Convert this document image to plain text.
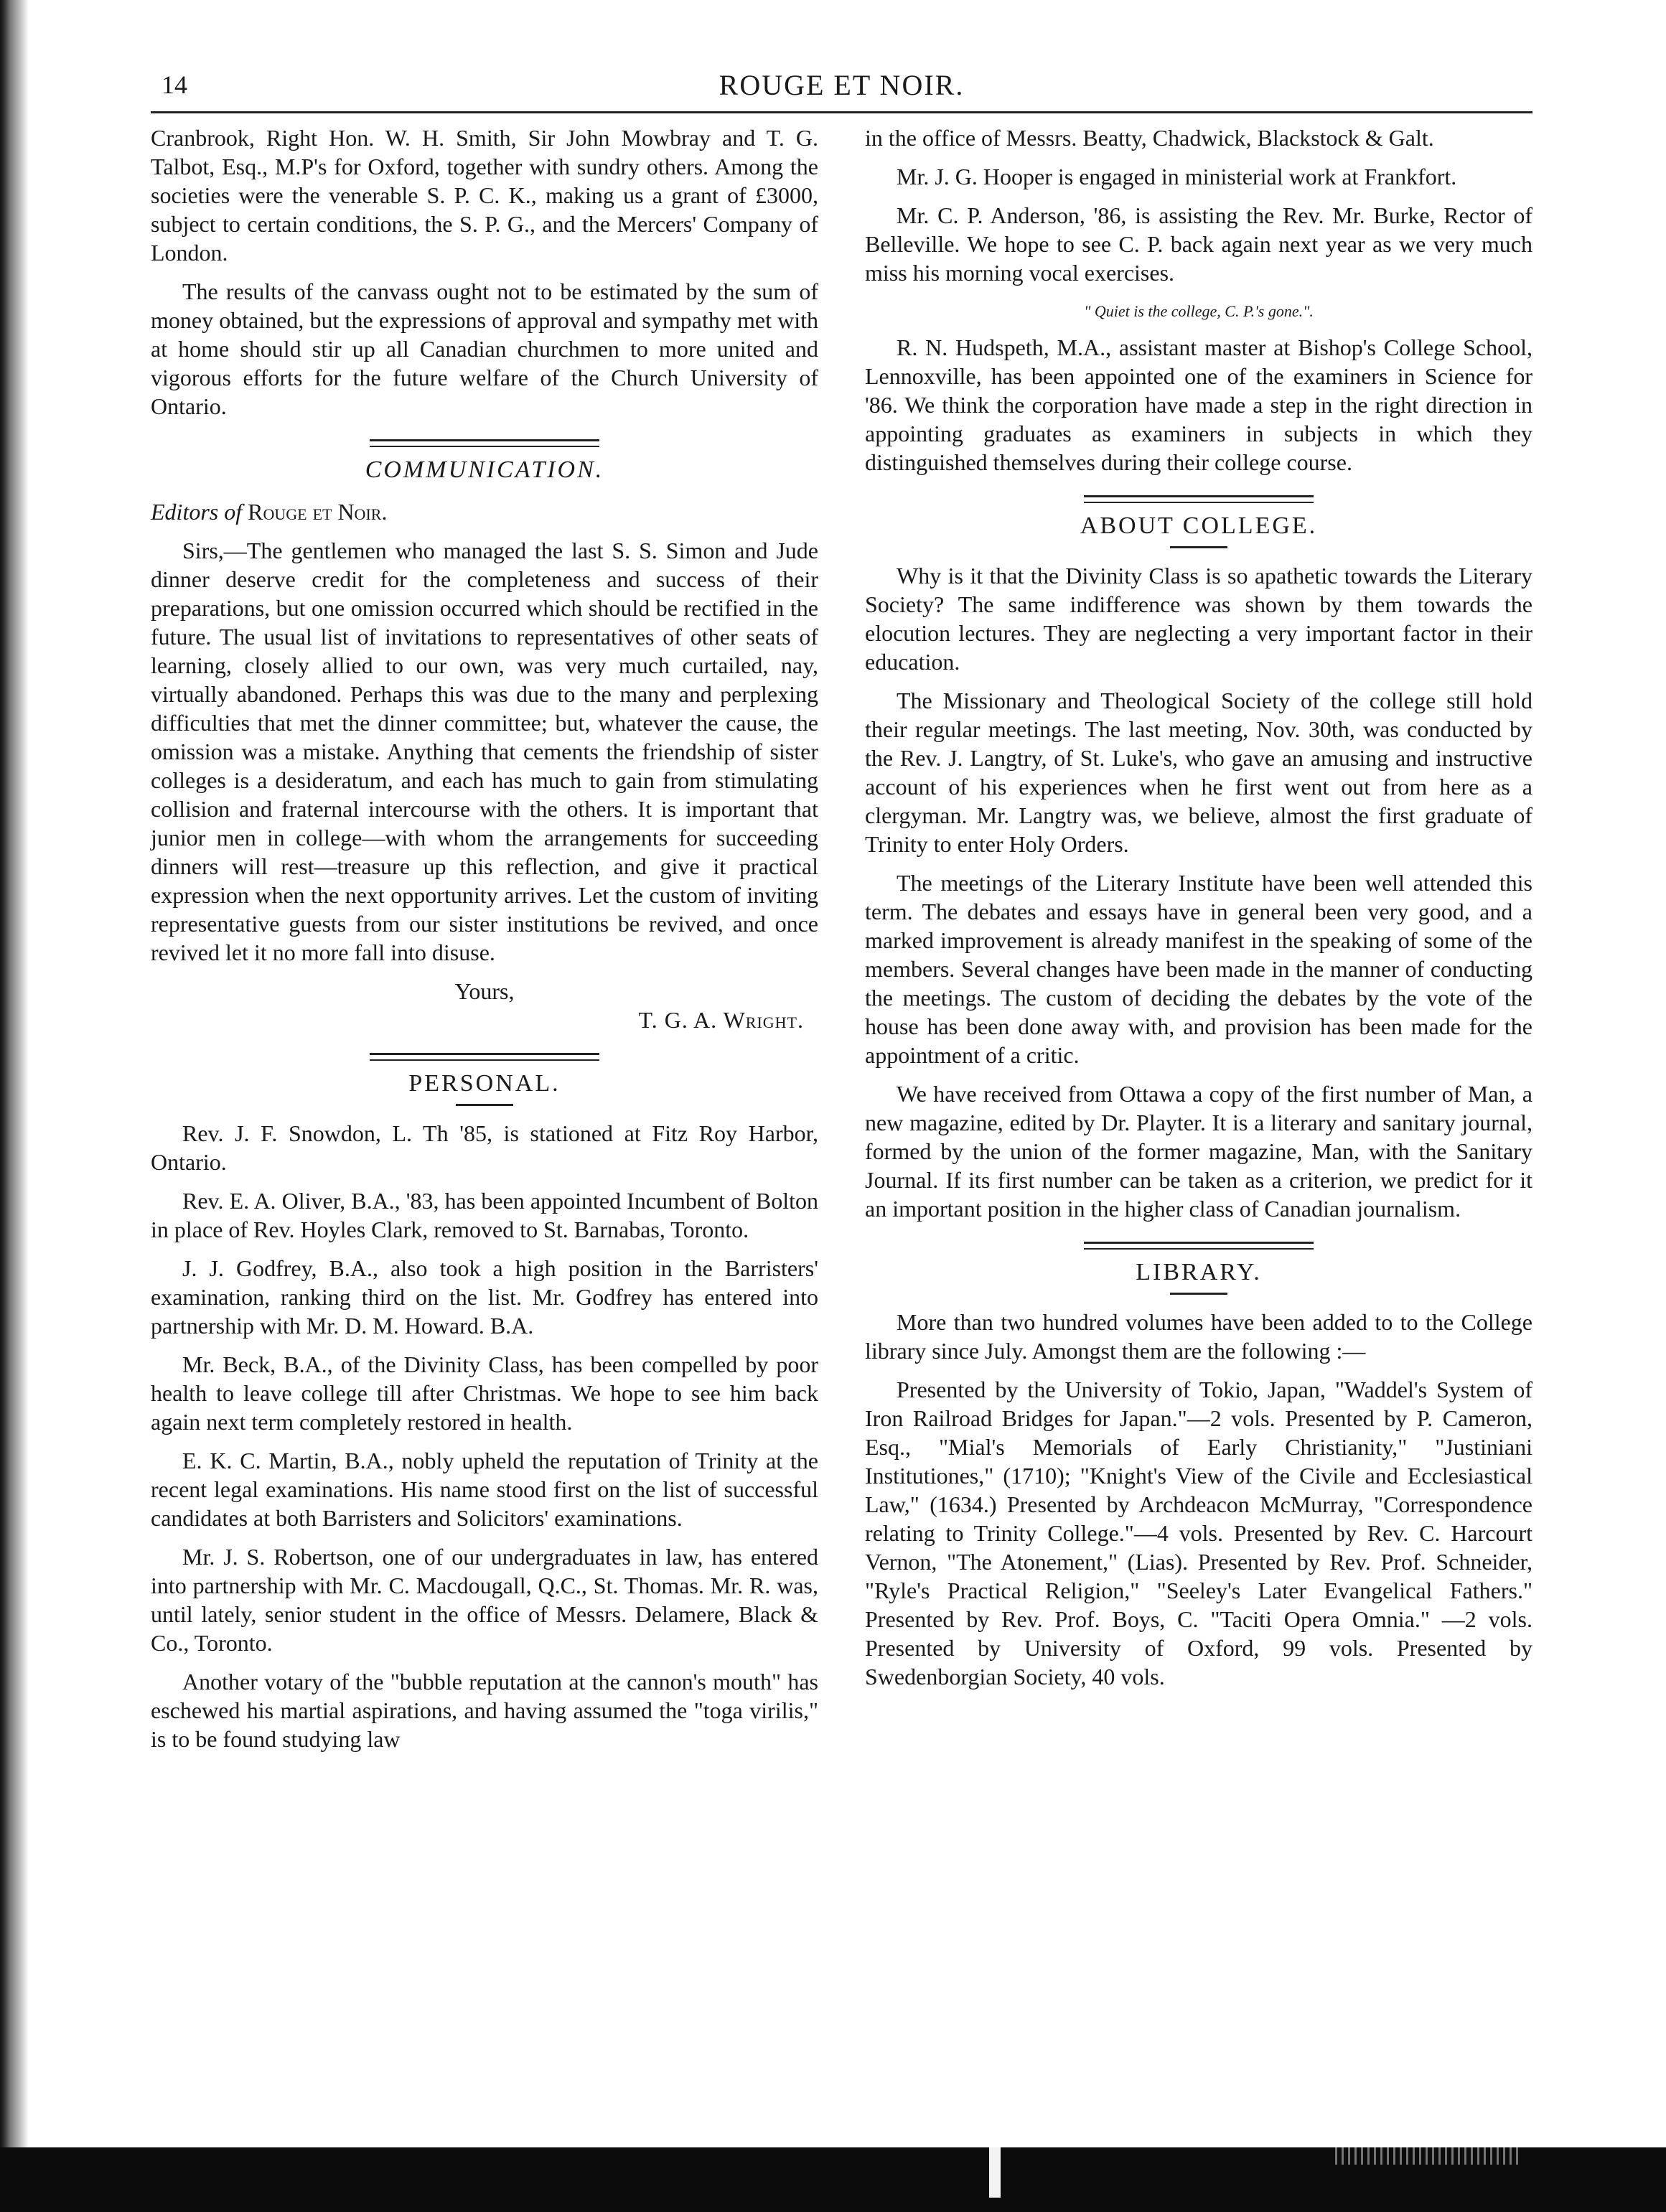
14	ROUGE ET NOIR.

Cranbrook, Right Hon. W. H. Smith, Sir John Mowbray and T. G. Talbot, Esq., M.P's for Oxford, together with sundry others. Among the societies were the venerable S. P. C. K., making us a grant of £3000, subject to certain conditions, the S. P. G., and the Mercers' Company of London.

The results of the canvass ought not to be estimated by the sum of money obtained, but the expressions of approval and sympathy met with at home should stir up all Canadian churchmen to more united and vigorous efforts for the future welfare of the Church University of Ontario.

COMMUNICATION.

Editors of Rouge et Noir.

Sirs,—The gentlemen who managed the last S. S. Simon and Jude dinner deserve credit for the completeness and success of their preparations, but one omission occurred which should be rectified in the future. The usual list of invitations to representatives of other seats of learning, closely allied to our own, was very much curtailed, nay, virtually abandoned. Perhaps this was due to the many and perplexing difficulties that met the dinner committee; but, whatever the cause, the omission was a mistake. Anything that cements the friendship of sister colleges is a desideratum, and each has much to gain from stimulating collision and fraternal intercourse with the others. It is important that junior men in college—with whom the arrangements for succeeding dinners will rest—treasure up this reflection, and give it practical expression when the next opportunity arrives. Let the custom of inviting representative guests from our sister institutions be revived, and once revived let it no more fall into disuse.

Yours,
T. G. A. Wright.
PERSONAL.

Rev. J. F. Snowdon, L. Th '85, is stationed at Fitz Roy Harbor, Ontario.

Rev. E. A. Oliver, B.A., '83, has been appointed Incumbent of Bolton in place of Rev. Hoyles Clark, removed to St. Barnabas, Toronto.

J. J. Godfrey, B.A., also took a high position in the Barristers' examination, ranking third on the list. Mr. Godfrey has entered into partnership with Mr. D. M. Howard. B.A.

Mr. Beck, B.A., of the Divinity Class, has been compelled by poor health to leave college till after Christmas. We hope to see him back again next term completely restored in health.

E. K. C. Martin, B.A., nobly upheld the reputation of Trinity at the recent legal examinations. His name stood first on the list of successful candidates at both Barristers and Solicitors' examinations.

Mr. J. S. Robertson, one of our undergraduates in law, has entered into partnership with Mr. C. Macdougall, Q.C., St. Thomas. Mr. R. was, until lately, senior student in the office of Messrs. Delamere, Black & Co., Toronto.

Another votary of the "bubble reputation at the cannon's mouth" has eschewed his martial aspirations, and having assumed the "toga virilis," is to be found studying law

in the office of Messrs. Beatty, Chadwick, Blackstock & Galt.

Mr. J. G. Hooper is engaged in ministerial work at Frankfort.

Mr. C. P. Anderson, '86, is assisting the Rev. Mr. Burke, Rector of Belleville. We hope to see C. P. back again next year as we very much miss his morning vocal exercises.

" Quiet is the college, C. P.'s gone.".

R. N. Hudspeth, M.A., assistant master at Bishop's College School, Lennoxville, has been appointed one of the examiners in Science for '86. We think the corporation have made a step in the right direction in appointing graduates as examiners in subjects in which they distinguished themselves during their college course.

ABOUT COLLEGE.

Why is it that the Divinity Class is so apathetic towards the Literary Society? The same indifference was shown by them towards the elocution lectures. They are neglecting a very important factor in their education.

The Missionary and Theological Society of the college still hold their regular meetings. The last meeting, Nov. 30th, was conducted by the Rev. J. Langtry, of St. Luke's, who gave an amusing and instructive account of his experiences when he first went out from here as a clergyman. Mr. Langtry was, we believe, almost the first graduate of Trinity to enter Holy Orders.

The meetings of the Literary Institute have been well attended this term. The debates and essays have in general been very good, and a marked improvement is already manifest in the speaking of some of the members. Several changes have been made in the manner of conducting the meetings. The custom of deciding the debates by the vote of the house has been done away with, and provision has been made for the appointment of a critic.

We have received from Ottawa a copy of the first number of Man, a new magazine, edited by Dr. Playter. It is a literary and sanitary journal, formed by the union of the former magazine, Man, with the Sanitary Journal. If its first number can be taken as a criterion, we predict for it an important position in the higher class of Canadian journalism.

LIBRARY.

More than two hundred volumes have been added to to the College library since July. Amongst them are the following :—

Presented by the University of Tokio, Japan, "Waddel's System of Iron Railroad Bridges for Japan."—2 vols. Presented by P. Cameron, Esq., "Mial's Memorials of Early Christianity," "Justiniani Institutiones," (1710); "Knight's View of the Civile and Ecclesiastical Law," (1634.) Presented by Archdeacon McMurray, "Correspondence relating to Trinity College."—4 vols. Presented by Rev. C. Harcourt Vernon, "The Atonement," (Lias). Presented by Rev. Prof. Schneider, "Ryle's Practical Religion," "Seeley's Later Evangelical Fathers." Presented by Rev. Prof. Boys, C. "Taciti Opera Omnia." —2 vols. Presented by University of Oxford, 99 vols. Presented by Swedenborgian Society, 40 vols.
